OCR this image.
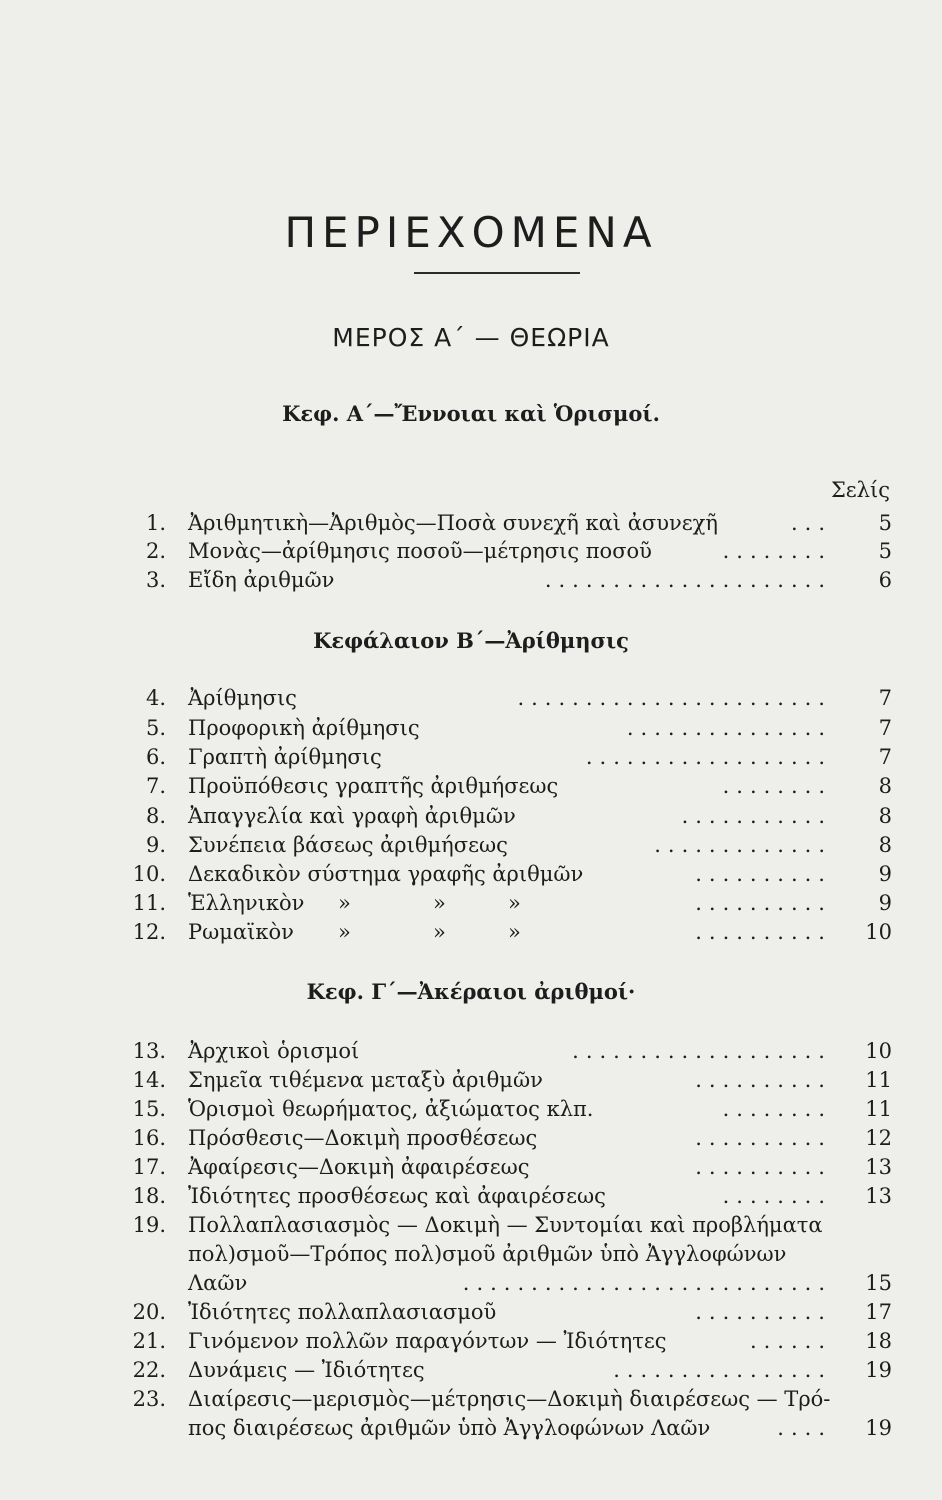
ΠΕΡΙΕΧΟΜΕΝΑ
ΜΕΡΟΣ Α΄ — ΘΕΩΡΙΑ
Κεφ. Α΄—Ἔννοιαι καὶ Ὁρισμοί.
Σελίς
1. Ἀριθμητικὴ—Ἀριθμὸς—Ποσὰ συνεχῆ καὶ ἀσυνεχῆ	...	5
2. Μονὰς—ἀρίθμησις ποσοῦ—μέτρησις ποσοῦ	........	5
3. Εἴδη ἀριθμῶν	.....................	6
Κεφάλαιον Β΄—Ἀρίθμησις
4. Ἀρίθμησις	.......................	7
5. Προφορικὴ ἀρίθμησις	...............	7
6. Γραπτὴ ἀρίθμησις	..................	7
7. Προϋπόθεσις γραπτῆς ἀριθμήσεως	........	8
8. Ἀπαγγελία καὶ γραφὴ ἀριθμῶν	...........	8
9. Συνέπεια βάσεως ἀριθμήσεως	.............	8
10. Δεκαδικὸν σύστημα γραφῆς ἀριθμῶν	..........	9
11. Ἑλληνικὸν »	»	»	..........	9
12. Ρωμαϊκὸν »	»	»	..........	10
Κεφ. Γ΄—Ἀκέραιοι ἀριθμοί·
13. Ἀρχικοὶ ὁρισμοί	...................	10
14. Σημεῖα τιθέμενα μεταξὺ ἀριθμῶν	..........	11
15. Ὁρισμοὶ θεωρήματος, ἀξιώματος κλπ.	........	11
16. Πρόσθεσις—Δοκιμὴ προσθέσεως	..........	12
17. Ἀφαίρεσις—Δοκιμὴ ἀφαιρέσεως	..........	13
18. Ἰδιότητες προσθέσεως καὶ ἀφαιρέσεως	........	13
19. Πολλαπλασιασμὸς — Δοκιμὴ — Συντομίαι καὶ προβλήματα
πολ)σμοῦ—Τρόπος πολ)σμοῦ ἀριθμῶν ὑπὸ Ἀγγλοφώνων
Λαῶν	...........................	15
20. Ἰδιότητες πολλαπλασιασμοῦ	..........	17
21. Γινόμενον πολλῶν παραγόντων — Ἰδιότητες	......	18
22. Δυνάμεις — Ἰδιότητες	................	19
23. Διαίρεσις—μερισμὸς—μέτρησις—Δοκιμὴ διαιρέσεως — Τρό-
πος διαιρέσεως ἀριθμῶν ὑπὸ Ἀγγλοφώνων Λαῶν	....	19
